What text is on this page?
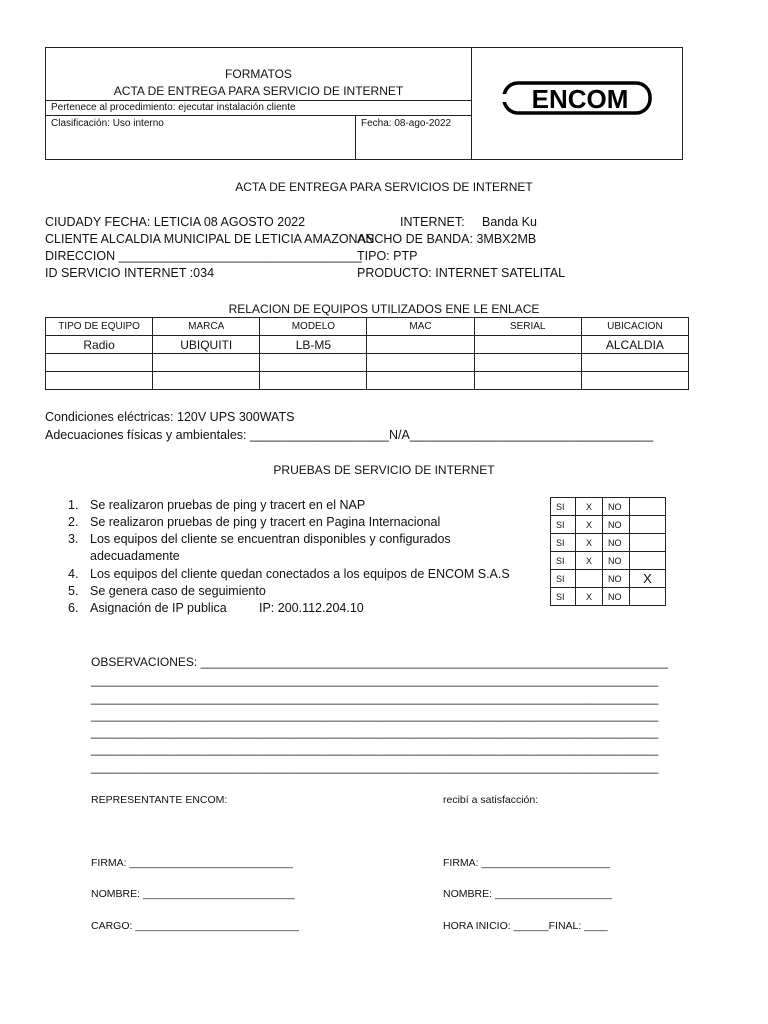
FORMATOS
ACTA DE ENTREGA PARA SERVICIO DE INTERNET
Pertenece al procedimiento: ejecutar instalación cliente
Clasificación: Uso interno	Fecha: 08-ago-2022
ENCOM
ACTA DE ENTREGA PARA SERVICIOS DE INTERNET
CIUDADY FECHA: LETICIA 08 AGOSTO 2022
CLIENTE ALCALDIA MUNICIPAL DE LETICIA AMAZONAS
DIRECCION ___________________________________
ID SERVICIO INTERNET :034
INTERNET: Banda Ku
ANCHO DE BANDA: 3MBX2MB
TIPO: PTP
PRODUCTO: INTERNET SATELITAL
RELACION DE EQUIPOS UTILIZADOS ENE LE ENLACE
TIPO DE EQUIPO	MARCA	MODELO	MAC	SERIAL	UBICACION
Radio	UBIQUITI	LB-M5			ALCALDIA

Condiciones eléctricas: 120V UPS 300WATS
Adecuaciones físicas y ambientales: ____________________N/A___________________________________
PRUEBAS DE SERVICIO DE INTERNET
1. Se realizaron pruebas de ping y tracert en el NAP
2. Se realizaron pruebas de ping y tracert en Pagina Internacional
3. Los equipos del cliente se encuentran disponibles y configurados
adecuadamente
4. Los equipos del cliente quedan conectados a los equipos de ENCOM S.A.S
5. Se genera caso de seguimiento
6. Asignación de IP publica	IP: 200.112.204.10
SI	X	NO	
SI	X	NO	
SI	X	NO	
SI	X	NO	
SI		NO	X
SI	X	NO	
OBSERVACIONES: ______________________________________________________________________
_____________________________________________________________________________________
_____________________________________________________________________________________
_____________________________________________________________________________________
_____________________________________________________________________________________
_____________________________________________________________________________________
_____________________________________________________________________________________
REPRESENTANTE ENCOM:	recibí a satisfacción:
FIRMA: ____________________________	FIRMA: ______________________
NOMBRE: __________________________	NOMBRE: ____________________
CARGO: ____________________________	HORA INICIO: ______FINAL: ____
